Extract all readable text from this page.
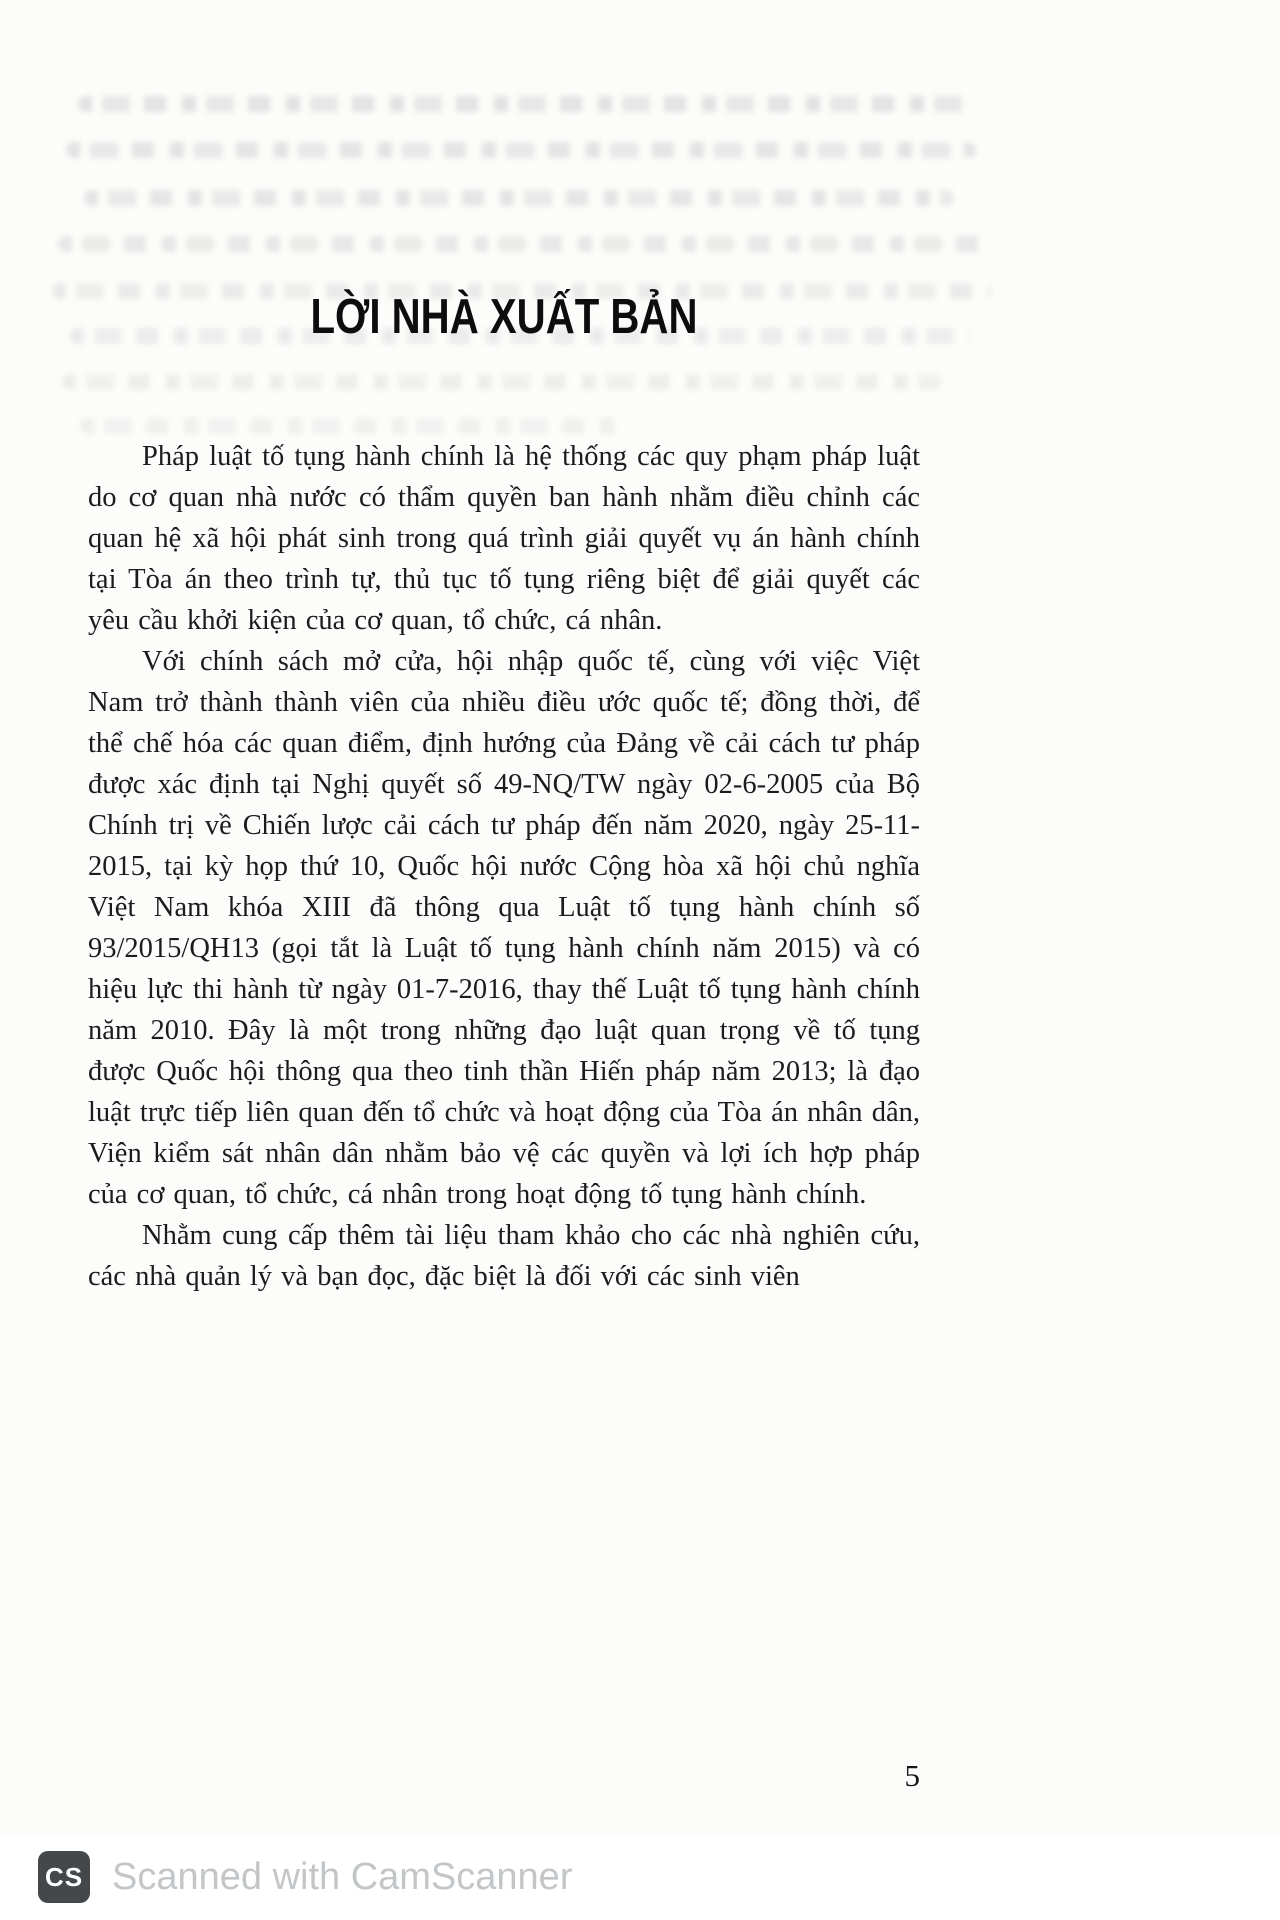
LỜI NHÀ XUẤT BẢN

Pháp luật tố tụng hành chính là hệ thống các quy phạm pháp luật do cơ quan nhà nước có thẩm quyền ban hành nhằm điều chỉnh các quan hệ xã hội phát sinh trong quá trình giải quyết vụ án hành chính tại Tòa án theo trình tự, thủ tục tố tụng riêng biệt để giải quyết các yêu cầu khởi kiện của cơ quan, tổ chức, cá nhân.

Với chính sách mở cửa, hội nhập quốc tế, cùng với việc Việt Nam trở thành thành viên của nhiều điều ước quốc tế; đồng thời, để thể chế hóa các quan điểm, định hướng của Đảng về cải cách tư pháp được xác định tại Nghị quyết số 49-NQ/TW ngày 02-6-2005 của Bộ Chính trị về Chiến lược cải cách tư pháp đến năm 2020, ngày 25-11-2015, tại kỳ họp thứ 10, Quốc hội nước Cộng hòa xã hội chủ nghĩa Việt Nam khóa XIII đã thông qua Luật tố tụng hành chính số 93/2015/QH13 (gọi tắt là Luật tố tụng hành chính năm 2015) và có hiệu lực thi hành từ ngày 01-7-2016, thay thế Luật tố tụng hành chính năm 2010. Đây là một trong những đạo luật quan trọng về tố tụng được Quốc hội thông qua theo tinh thần Hiến pháp năm 2013; là đạo luật trực tiếp liên quan đến tổ chức và hoạt động của Tòa án nhân dân, Viện kiểm sát nhân dân nhằm bảo vệ các quyền và lợi ích hợp pháp của cơ quan, tổ chức, cá nhân trong hoạt động tố tụng hành chính.

Nhằm cung cấp thêm tài liệu tham khảo cho các nhà nghiên cứu, các nhà quản lý và bạn đọc, đặc biệt là đối với các sinh viên

5
CS Scanned with CamScanner
